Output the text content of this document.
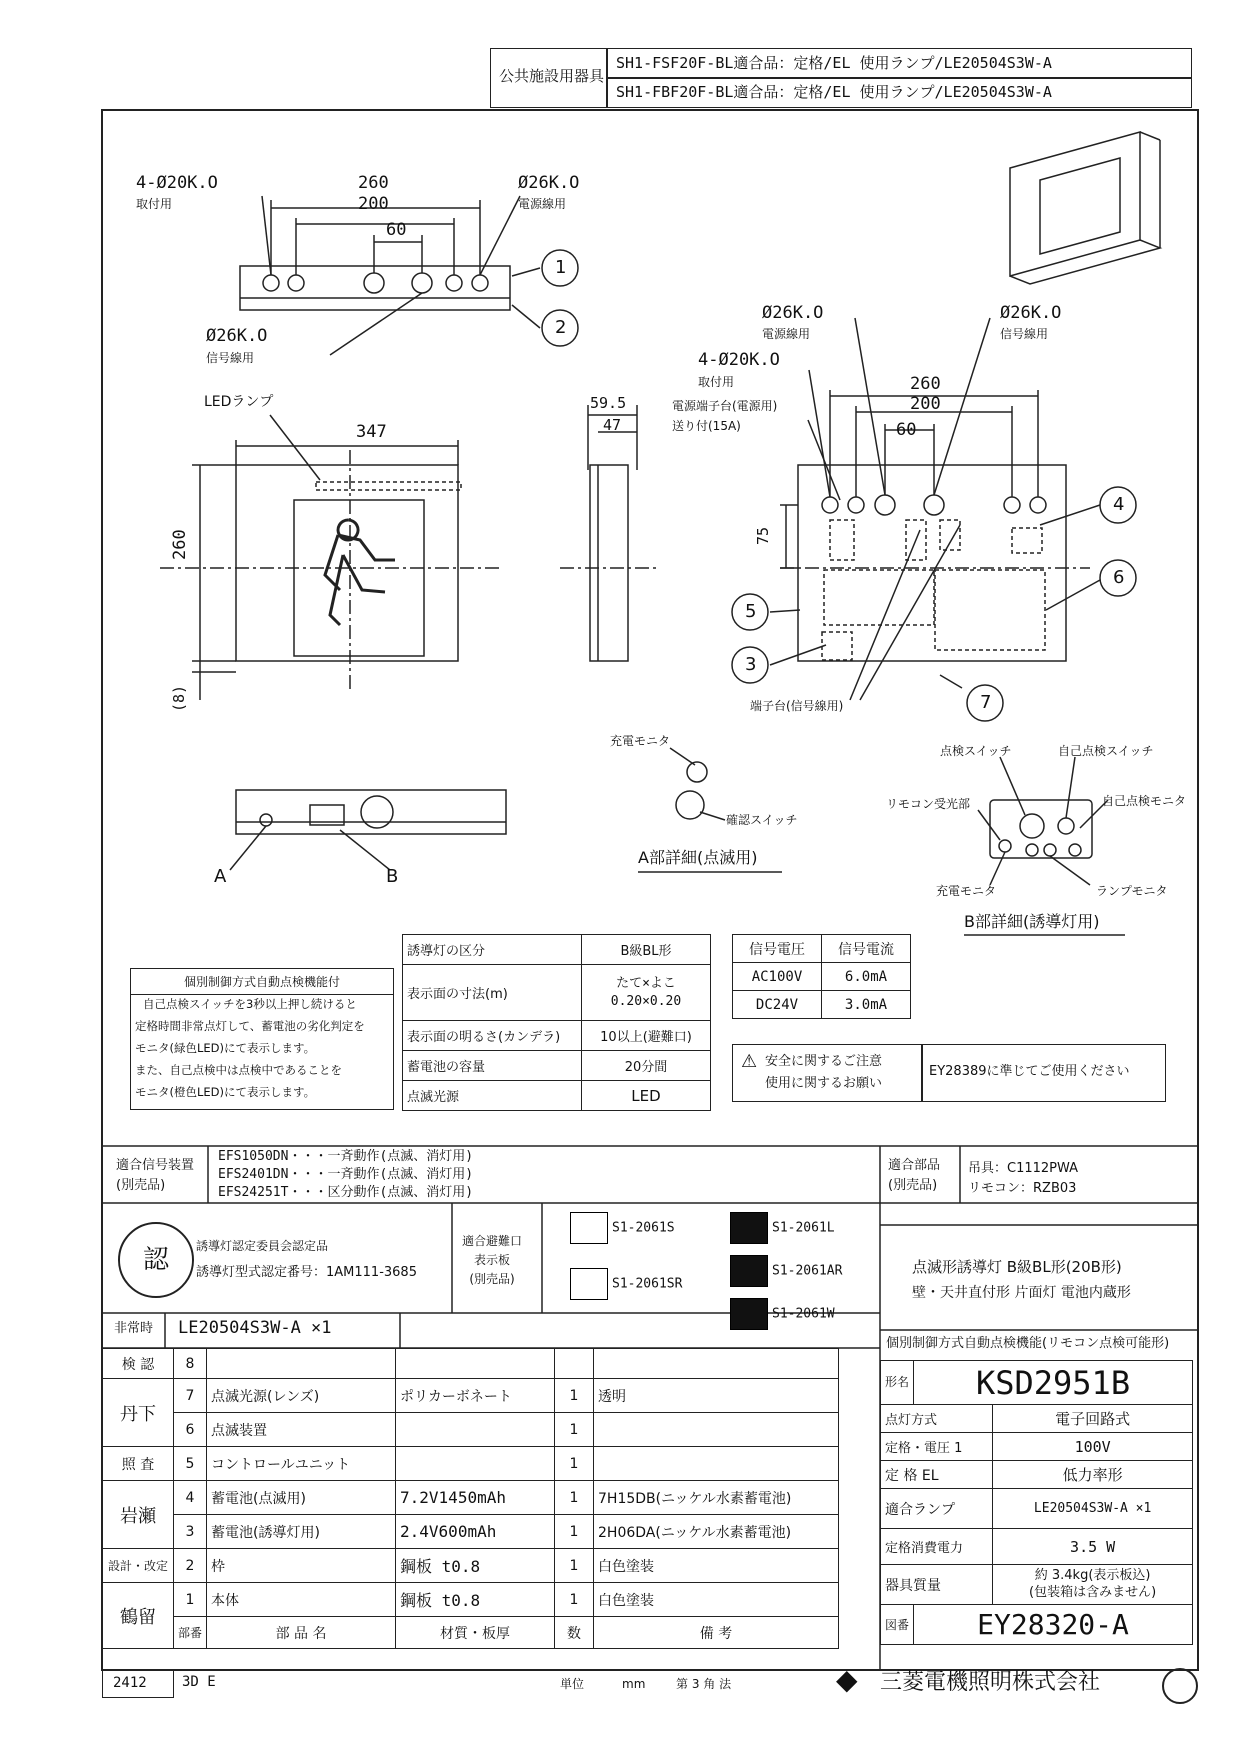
公共施設用器具
SH1-FSF20F-BL適合品：定格/EL 使用ランプ/LE20504S3W-A
SH1-FBF20F-BL適合品：定格/EL 使用ランプ/LE20504S3W-A
4-Ø20K.O
取付用
260
200
60
Ø26K.O
電源線用
Ø26K.O
信号線用
1
2
LEDランプ
347
260
(8)
59.5
47
Ø26K.O
電源線用
Ø26K.O
信号線用
4-Ø20K.O
取付用
電源端子台(電源用)
送り付(15A)
260
200
60
75
端子台(信号線用)
4
6
5
3
7
A	B
充電モニタ
確認スイッチ
A部詳細(点滅用)
点検スイッチ	自己点検スイッチ
リモコン受光部	自己点検モニタ
充電モニタ	ランプモニタ
B部詳細(誘導灯用)
個別制御方式自動点検機能付
自己点検スイッチを3秒以上押し続けると
定格時間非常点灯して、蓄電池の劣化判定を
モニタ(緑色LED)にて表示します。
また、自己点検中は点検中であることを
モニタ(橙色LED)にて表示します。
誘導灯の区分	B級BL形
表示面の寸法(m)	たて×よこ
0.20×0.20
表示面の明るさ(カンデラ)	10以上(避難口)
蓄電池の容量	20分間
点滅光源	LED
信号電圧	信号電流
AC100V	6.0mA
DC24V	3.0mA
⚠ 安全に関するご注意
使用に関するお願い
EY28389に準じてご使用ください
適合信号装置
(別売品)
EFS1050DN・・・一斉動作(点滅、消灯用)
EFS2401DN・・・一斉動作(点滅、消灯用)
EFS24251T・・・区分動作(点滅、消灯用)
適合部品
(別売品)
吊具：C1112PWA
リモコン：RZB03
認	誘導灯認定委員会認定品
誘導灯型式認定番号：1AM111-3685
適合避難口
表示板
(別売品)
S1-2061S
S1-2061SR
S1-2061L
S1-2061AR
S1-2061W
点滅形誘導灯 B級BL形(20B形)
壁・天井直付形 片面灯 電池内蔵形
非常時 LE20504S3W-A ×1
検 認	8				
丹下	7	点滅光源(レンズ)	ポリカーボネート	1	透明
	6	点滅装置		1	
照 査	5	コントロールユニット		1	
岩瀬	4	蓄電池(点滅用)	7.2V1450mAh	1	7H15DB(ニッケル水素蓄電池)
	3	蓄電池(誘導灯用)	2.4V600mAh	1	2H06DA(ニッケル水素蓄電池)
設計・改定	2	枠	鋼板 t0.8	1	白色塗装
鶴留	1	本体	鋼板 t0.8	1	白色塗装
	部番	部 品 名	材質・板厚	数	備 考
個別制御方式自動点検機能(リモコン点検可能形)
形名	KSD2951B	
点灯方式		電子回路式
定格・電圧 1		100V
定 格 EL		低力率形
適合ランプ		LE20504S3W-A ×1
定格消費電力		3.5 W
器具質量		約 3.4kg(表示板込)
(包装箱は含みません)
図番	EY28320-A	
2412	3D E	単位	mm	第 3 角 法	◆ 三菱電機照明株式会社
